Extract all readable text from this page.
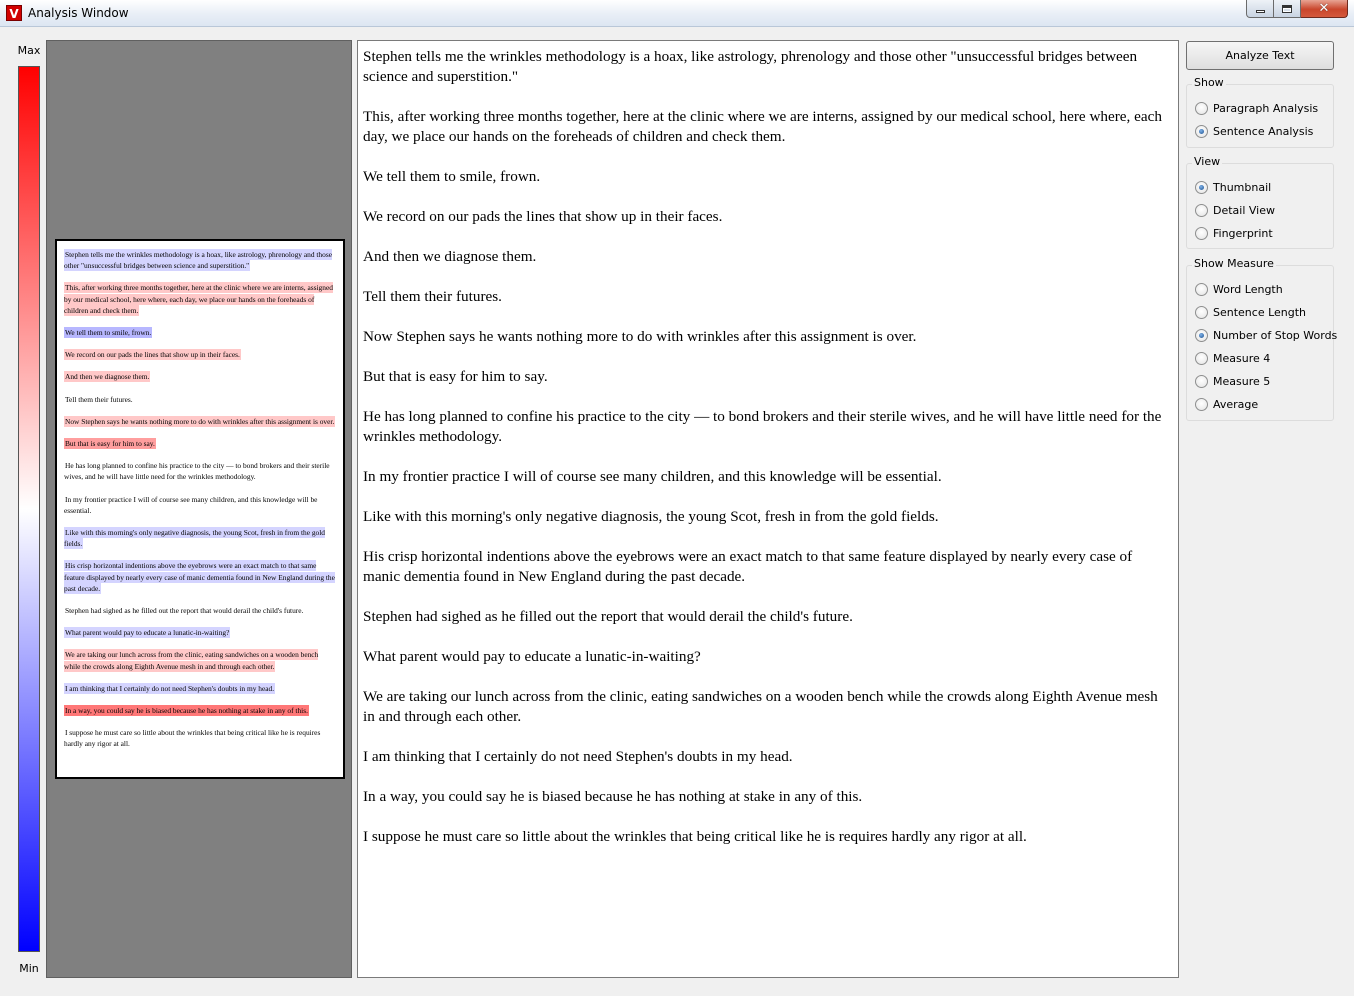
V Analysis Window	✕
Max
Min
Stephen tells me the wrinkles methodology is a hoax, like astrology, phrenology and those other "unsuccessful bridges between science and superstition."
This, after working three months together, here at the clinic where we are interns, assigned by our medical school, here where, each day, we place our hands on the foreheads of children and check them.
We tell them to smile, frown.
We record on our pads the lines that show up in their faces.
And then we diagnose them.
Tell them their futures.
Now Stephen says he wants nothing more to do with wrinkles after this assignment is over.
But that is easy for him to say.
He has long planned to confine his practice to the city — to bond brokers and their sterile wives, and he will have little need for the wrinkles methodology.
In my frontier practice I will of course see many children, and this knowledge will be essential.
Like with this morning's only negative diagnosis, the young Scot, fresh in from the gold fields.
His crisp horizontal indentions above the eyebrows were an exact match to that same feature displayed by nearly every case of manic dementia found in New England during the past decade.
Stephen had sighed as he filled out the report that would derail the child's future.
What parent would pay to educate a lunatic-in-waiting?
We are taking our lunch across from the clinic, eating sandwiches on a wooden bench while the crowds along Eighth Avenue mesh in and through each other.
I am thinking that I certainly do not need Stephen's doubts in my head.
In a way, you could say he is biased because he has nothing at stake in any of this.
I suppose he must care so little about the wrinkles that being critical like he is requires hardly any rigor at all.
Stephen tells me the wrinkles methodology is a hoax, like astrology, phrenology and those other "unsuccessful bridges between science and superstition."
This, after working three months together, here at the clinic where we are interns, assigned by our medical school, here where, each day, we place our hands on the foreheads of children and check them.
We tell them to smile, frown.
We record on our pads the lines that show up in their faces.
And then we diagnose them.
Tell them their futures.
Now Stephen says he wants nothing more to do with wrinkles after this assignment is over.
But that is easy for him to say.
He has long planned to confine his practice to the city — to bond brokers and their sterile wives, and he will have little need for the wrinkles methodology.
In my frontier practice I will of course see many children, and this knowledge will be essential.
Like with this morning's only negative diagnosis, the young Scot, fresh in from the gold fields.
His crisp horizontal indentions above the eyebrows were an exact match to that same feature displayed by nearly every case of manic dementia found in New England during the past decade.
Stephen had sighed as he filled out the report that would derail the child's future.
What parent would pay to educate a lunatic-in-waiting?
We are taking our lunch across from the clinic, eating sandwiches on a wooden bench while the crowds along Eighth Avenue mesh in and through each other.
I am thinking that I certainly do not need Stephen's doubts in my head.
In a way, you could say he is biased because he has nothing at stake in any of this.
I suppose he must care so little about the wrinkles that being critical like he is requires hardly any rigor at all.
Analyze Text
Show
Paragraph Analysis
Sentence Analysis
View
Thumbnail
Detail View
Fingerprint
Show Measure
Word Length
Sentence Length
Number of Stop Words
Measure 4
Measure 5
Average
